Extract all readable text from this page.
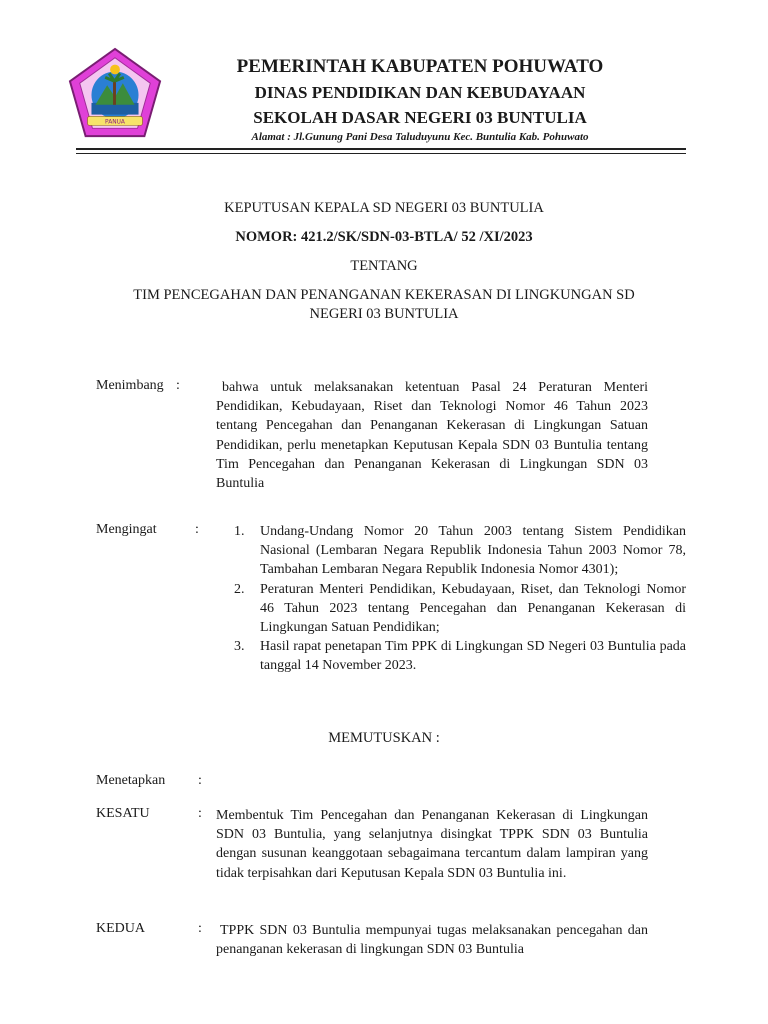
PANUA
PEMERINTAH KABUPATEN POHUWATO
DINAS PENDIDIKAN DAN KEBUDAYAAN
SEKOLAH DASAR NEGERI 03 BUNTULIA
Alamat : Jl.Gunung Pani Desa Taluduyunu Kec. Buntulia Kab. Pohuwato
KEPUTUSAN KEPALA SD NEGERI 03 BUNTULIA
NOMOR: 421.2/SK/SDN-03-BTLA/ 52 /XI/2023
TENTANG
TIM PENCEGAHAN DAN PENANGANAN KEKERASAN DI LINGKUNGAN SD
NEGERI 03 BUNTULIA
Menimbang :	bahwa untuk melaksanakan ketentuan Pasal 24 Peraturan Menteri Pendidikan, Kebudayaan, Riset dan Teknologi Nomor 46 Tahun 2023 tentang Pencegahan dan Penanganan Kekerasan di Lingkungan Satuan Pendidikan, perlu menetapkan Keputusan Kepala SDN 03 Buntulia tentang Tim Pencegahan dan Penanganan Kekerasan di Lingkungan SDN 03 Buntulia
Mengingat	:	1. Undang-Undang Nomor 20 Tahun 2003 tentang Sistem Pendidikan Nasional (Lembaran Negara Republik Indonesia Tahun 2003 Nomor 78, Tambahan Lembaran Negara Republik Indonesia Nomor 4301);
2. Peraturan Menteri Pendidikan, Kebudayaan, Riset, dan Teknologi Nomor 46 Tahun 2023 tentang Pencegahan dan Penanganan Kekerasan di Lingkungan Satuan Pendidikan;
3. Hasil rapat penetapan Tim PPK di Lingkungan SD Negeri 03 Buntulia pada tanggal 14 November 2023.
MEMUTUSKAN :
Menetapkan :
KESATU	: Membentuk Tim Pencegahan dan Penanganan Kekerasan di Lingkungan SDN 03 Buntulia, yang selanjutnya disingkat TPPK SDN 03 Buntulia dengan susunan keanggotaan sebagaimana tercantum dalam lampiran yang tidak terpisahkan dari Keputusan Kepala SDN 03 Buntulia ini.
KEDUA	: TPPK SDN 03 Buntulia mempunyai tugas melaksanakan pencegahan dan penanganan kekerasan di lingkungan SDN 03 Buntulia
